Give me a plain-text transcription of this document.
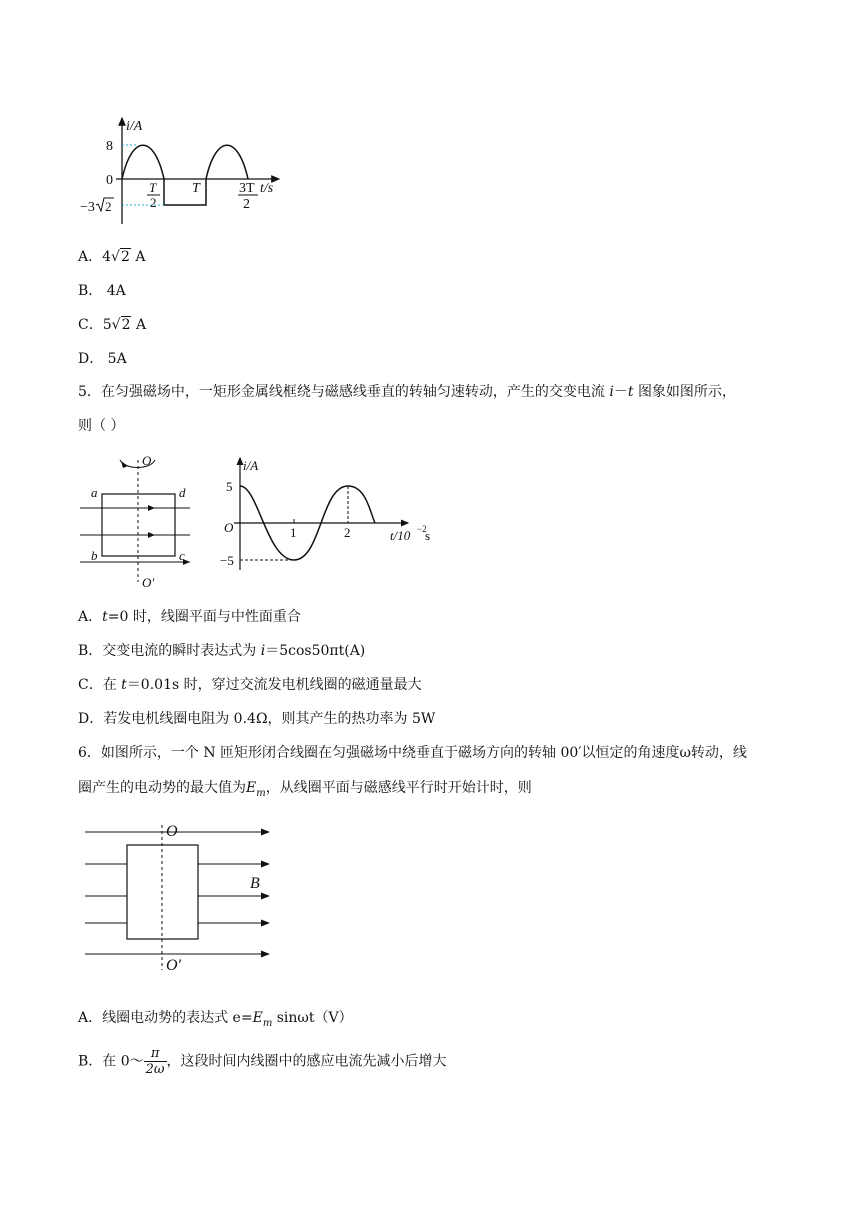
i/A
8
0
−3 2
T
2
T	3T
2
t/s
A．4√2 A
B． 4A
C．5√2 A
D． 5A
5．在匀强磁场中，一矩形金属线框绕与磁感线垂直的转轴匀速转动，产生的交变电流 i－t 图象如图所示，
则（ ）
O
O′
a	d
b	c
i/A
5
−5
O	1	2	t/10 −2
s
A．t=0 时，线圈平面与中性面重合
B．交变电流的瞬时表达式为 i＝5cos50πt(A)
C．在 t＝0.01s 时，穿过交流发电机线圈的磁通量最大
D．若发电机线圈电阻为 0.4Ω，则其产生的热功率为 5W
6．如图所示，一个 N 匝矩形闭合线圈在匀强磁场中绕垂直于磁场方向的转轴 00′以恒定的角速度ω转动，线
圈产生的电动势的最大值为$E_m$，从线圈平面与磁感线平行时开始计时，则
O
O′
B
A．线圈电动势的表达式 $e=E_m$ sinωt（V）
B．在 0～ $\frac{\pi}{2\omega}$ ，这段时间内线圈中的感应电流先减小后增大
